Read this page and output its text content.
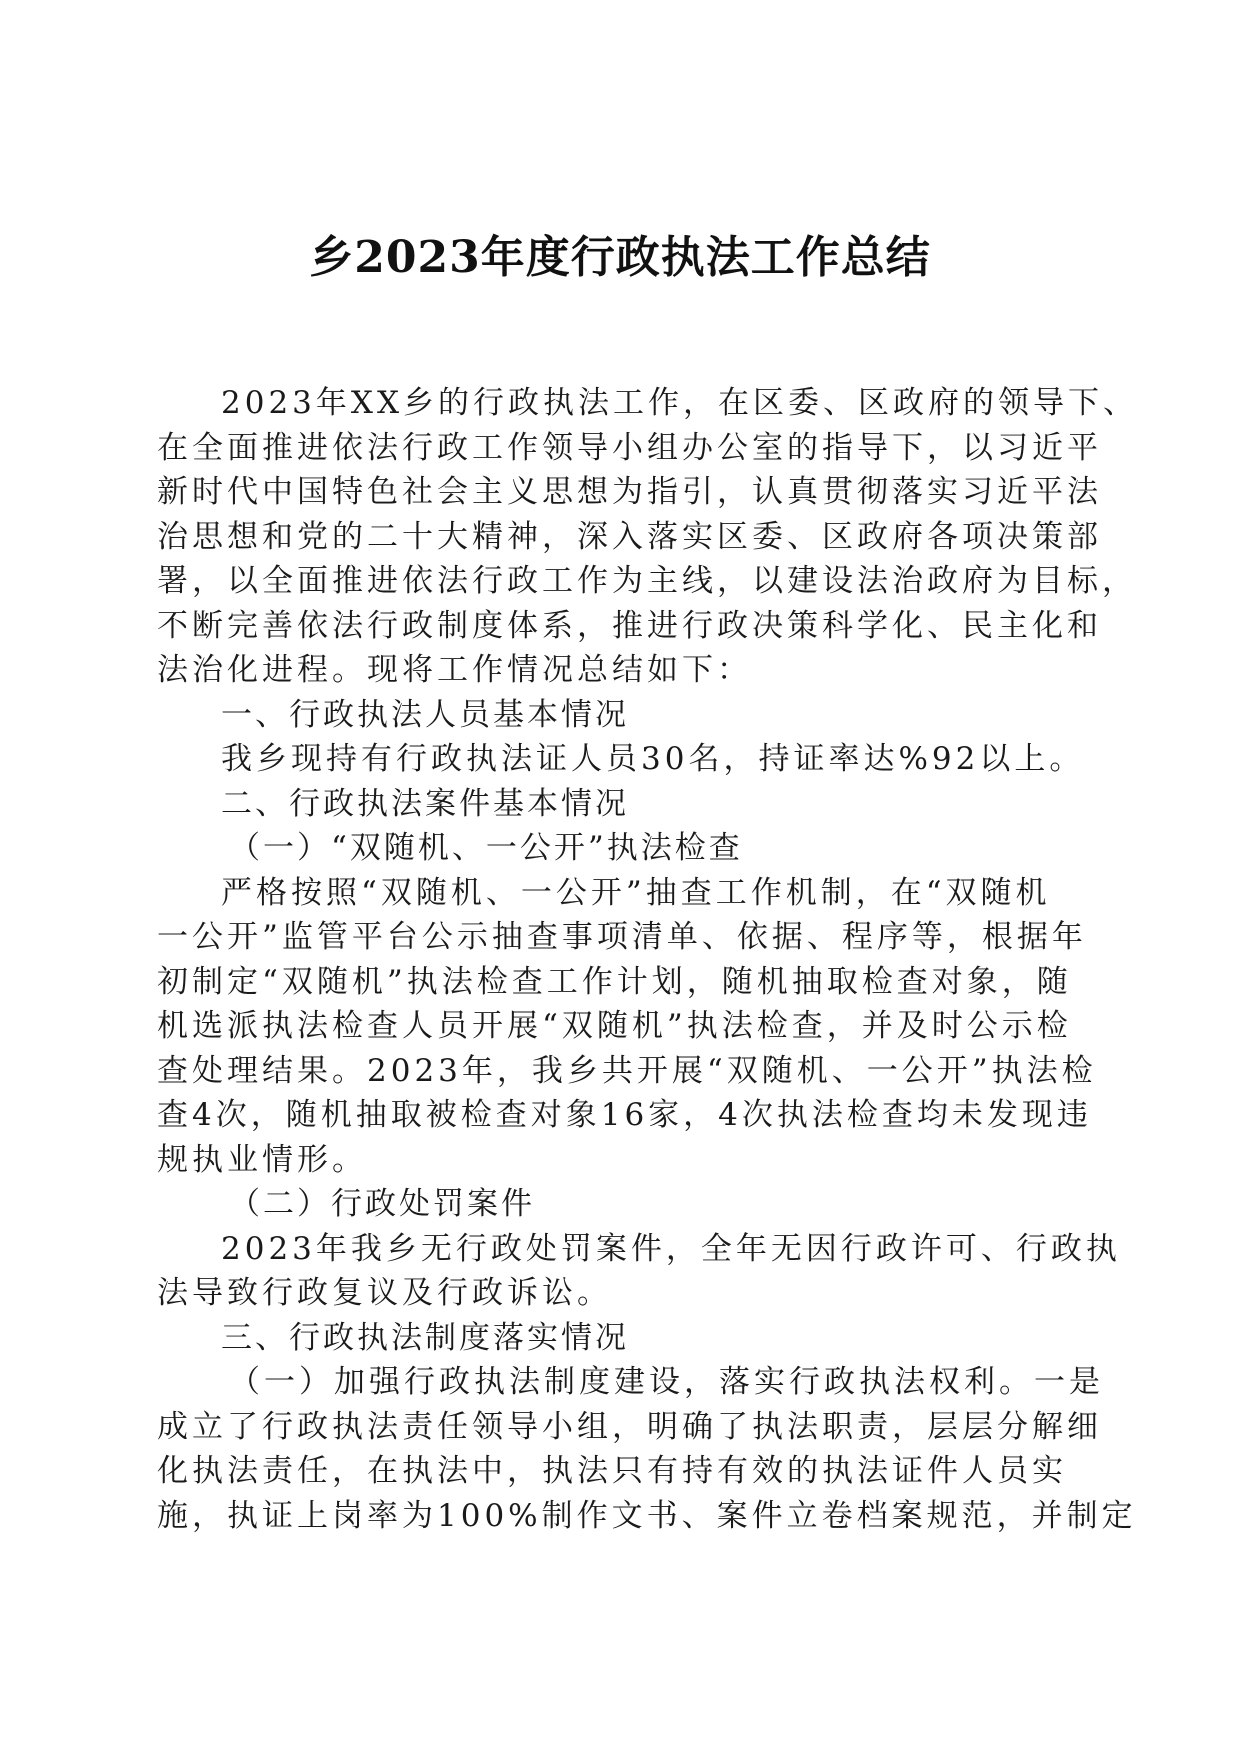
乡2023年度行政执法工作总结
2023年XX乡的行政执法工作，在区委、区政府的领导下、
在全面推进依法行政工作领导小组办公室的指导下，以习近平
新时代中国特色社会主义思想为指引，认真贯彻落实习近平法
治思想和党的二十大精神，深入落实区委、区政府各项决策部
署，以全面推进依法行政工作为主线，以建设法治政府为目标，
不断完善依法行政制度体系，推进行政决策科学化、民主化和
法治化进程。现将工作情况总结如下：
一、行政执法人员基本情况
我乡现持有行政执法证人员30名，持证率达%92以上。
二、行政执法案件基本情况
（一）“双随机、一公开”执法检查
严格按照“双随机、一公开”抽查工作机制，在“双随机
一公开”监管平台公示抽查事项清单、依据、程序等，根据年
初制定“双随机”执法检查工作计划，随机抽取检查对象，随
机选派执法检查人员开展“双随机”执法检查，并及时公示检
查处理结果。2023年，我乡共开展“双随机、一公开”执法检
查4次，随机抽取被检查对象16家，4次执法检查均未发现违
规执业情形。
（二）行政处罚案件
2023年我乡无行政处罚案件，全年无因行政许可、行政执
法导致行政复议及行政诉讼。
三、行政执法制度落实情况
（一）加强行政执法制度建设，落实行政执法权利。一是
成立了行政执法责任领导小组，明确了执法职责，层层分解细
化执法责任，在执法中，执法只有持有效的执法证件人员实
施，执证上岗率为100%制作文书、案件立卷档案规范，并制定
